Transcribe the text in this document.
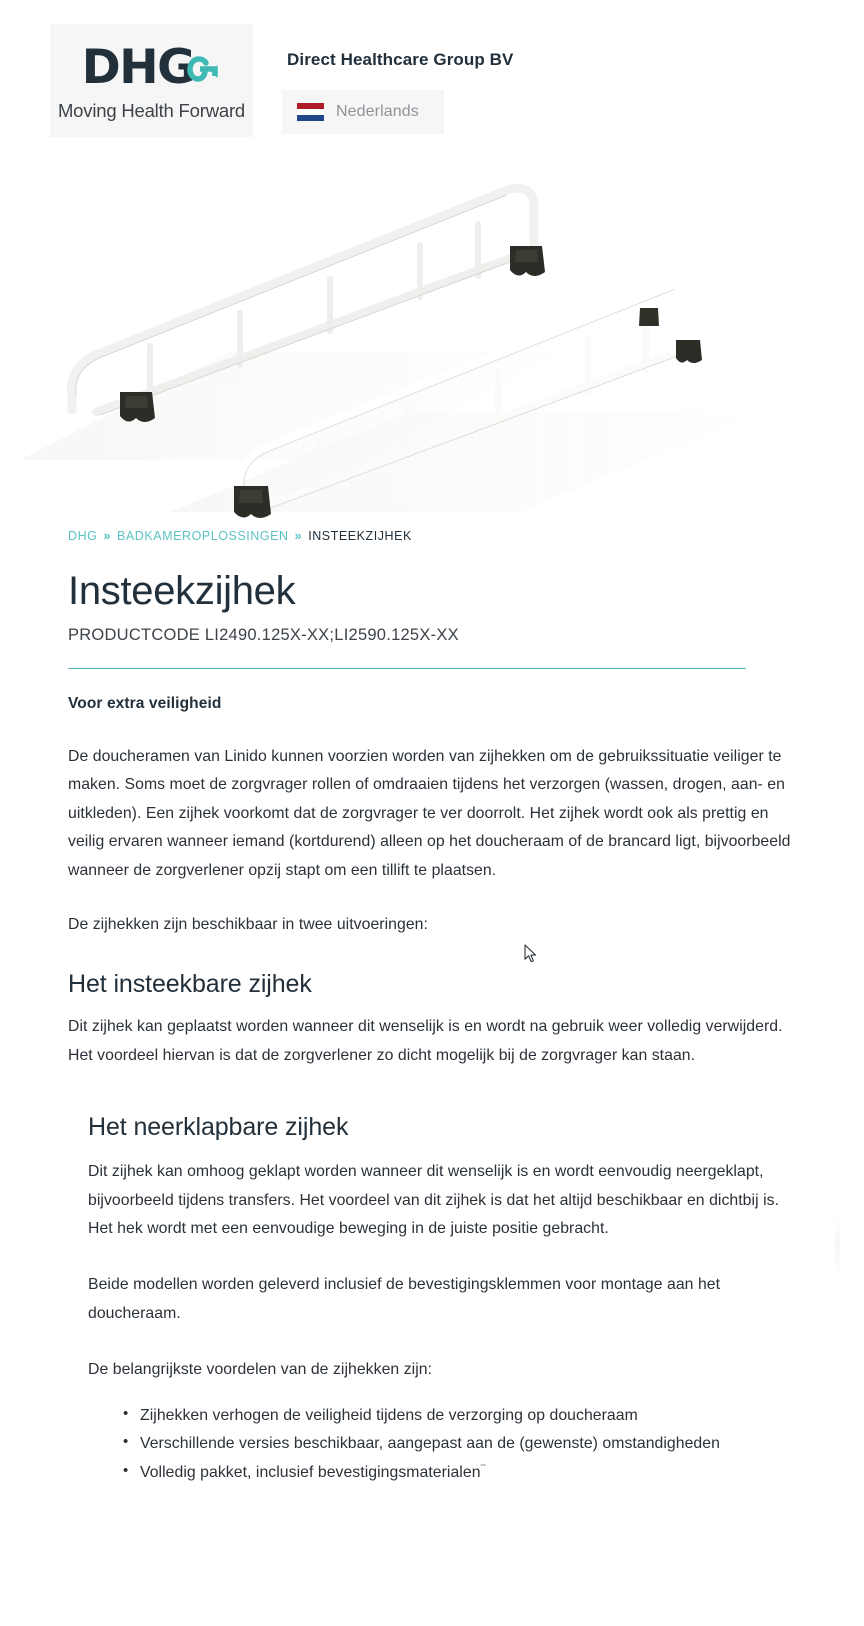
DHG
Moving Health Forward
Direct Healthcare Group BV
Nederlands
DHG » BADKAMEROPLOSSINGEN » INSTEEKZIJHEK
Insteekzijhek
PRODUCTCODE LI2490.125X-XX;LI2590.125X-XX
Voor extra veiligheid

De doucheramen van Linido kunnen voorzien worden van zijhekken om de gebruikssituatie veiliger te maken. Soms moet de zorgvrager rollen of omdraaien tijdens het verzorgen (wassen, drogen, aan- en uitkleden). Een zijhek voorkomt dat de zorgvrager te ver doorrolt. Het zijhek wordt ook als prettig en veilig ervaren wanneer iemand (kortdurend) alleen op het doucheraam of de brancard ligt, bijvoorbeeld wanneer de zorgverlener opzij stapt om een tillift te plaatsen.

De zijhekken zijn beschikbaar in twee uitvoeringen:

Het insteekbare zijhek

Dit zijhek kan geplaatst worden wanneer dit wenselijk is en wordt na gebruik weer volledig verwijderd. Het voordeel hiervan is dat de zorgverlener zo dicht mogelijk bij de zorgvrager kan staan.

Het neerklapbare zijhek

Dit zijhek kan omhoog geklapt worden wanneer dit wenselijk is en wordt eenvoudig neergeklapt, bijvoorbeeld tijdens transfers. Het voordeel van dit zijhek is dat het altijd beschikbaar en dichtbij is. Het hek wordt met een eenvoudige beweging in de juiste positie gebracht.

Beide modellen worden geleverd inclusief de bevestigingsklemmen voor montage aan het doucheraam.

De belangrijkste voordelen van de zijhekken zijn:

• Zijhekken verhogen de veiligheid tijdens de verzorging op doucheraam
• Verschillende versies beschikbaar, aangepast aan de (gewenste) omstandigheden
• Volledig pakket, inclusief bevestigingsmaterialen˘˚
